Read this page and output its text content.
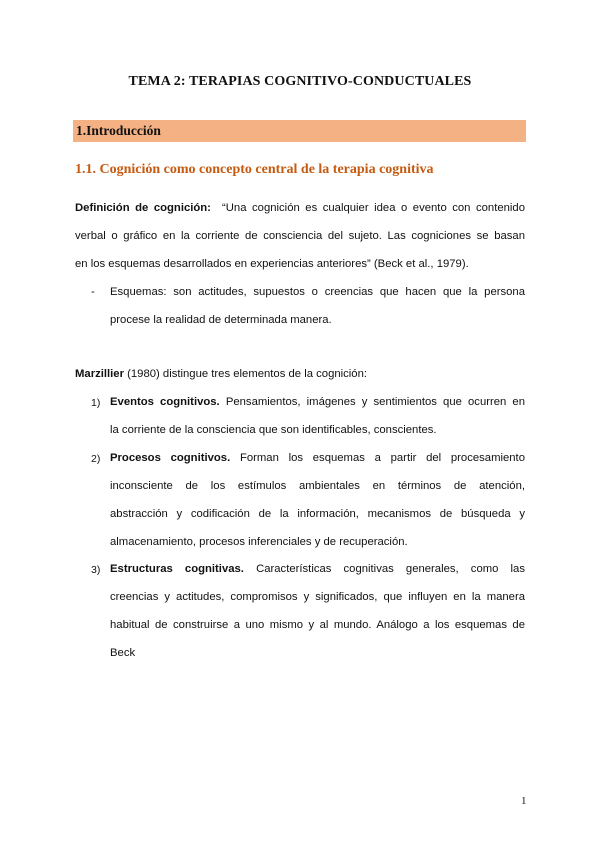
TEMA 2: TERAPIAS COGNITIVO-CONDUCTUALES
1.Introducción
1.1. Cognición como concepto central de la terapia cognitiva
Definición de cognición: “Una cognición es cualquier idea o evento con contenido
verbal o gráfico en la corriente de consciencia del sujeto. Las cogniciones se basan
en los esquemas desarrollados en experiencias anteriores” (Beck et al., 1979).
- Esquemas: son actitudes, supuestos o creencias que hacen que la persona
procese la realidad de determinada manera.
Marzillier (1980) distingue tres elementos de la cognición:
1) Eventos cognitivos. Pensamientos, imágenes y sentimientos que ocurren en
la corriente de la consciencia que son identificables, conscientes.
2) Procesos cognitivos. Forman los esquemas a partir del procesamiento
inconsciente de los estímulos ambientales en términos de atención,
abstracción y codificación de la información, mecanismos de búsqueda y
almacenamiento, procesos inferenciales y de recuperación.
3) Estructuras cognitivas. Características cognitivas generales, como las
creencias y actitudes, compromisos y significados, que influyen en la manera
habitual de construirse a uno mismo y al mundo. Análogo a los esquemas de
Beck
1
